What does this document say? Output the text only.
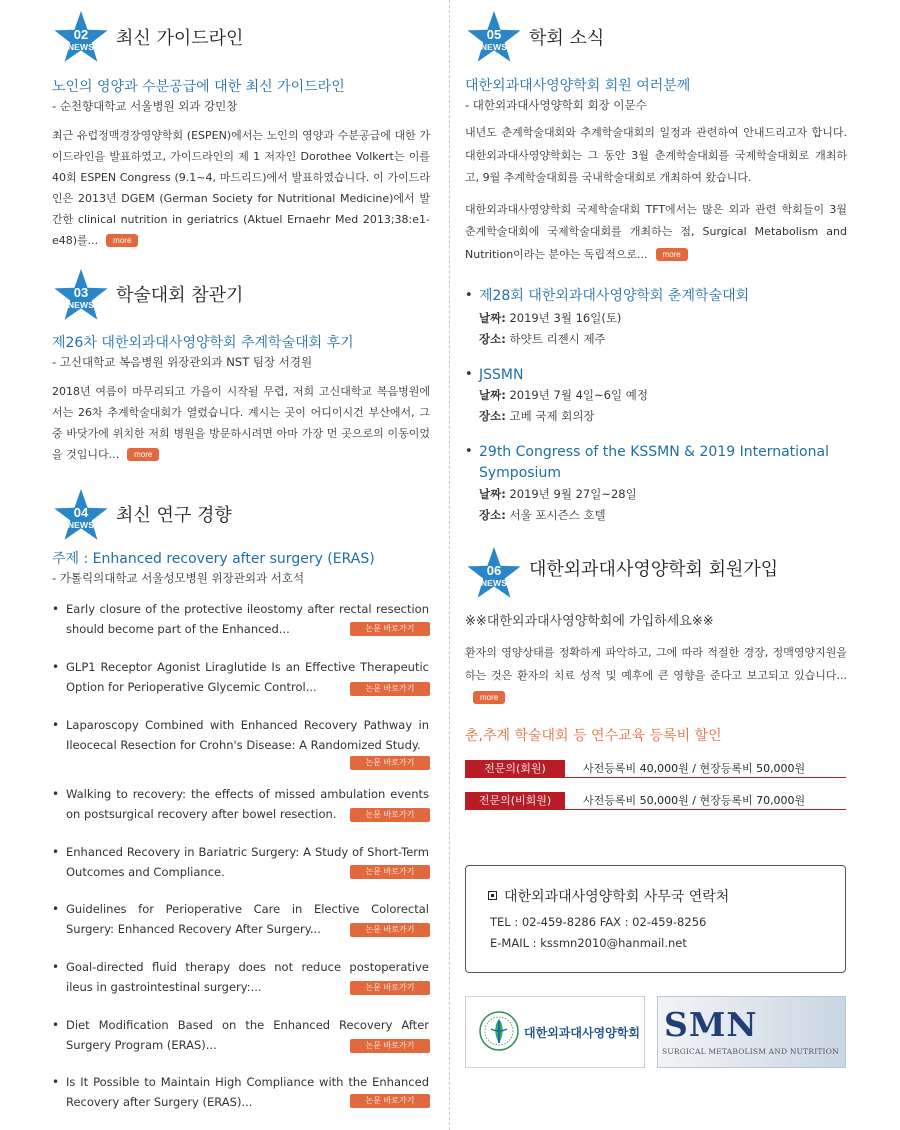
02
NEWS	최신 가이드라인
노인의 영양과 수분공급에 대한 최신 가이드라인
- 순천향대학교 서울병원 외과 강민창
최근 유럽정맥경장영양학회 (ESPEN)에서는 노인의 영양과 수분공급에 대한 가이드라인을 발표하였고, 가이드라인의 제 1 저자인 Dorothee Volkert는 이를 40회 ESPEN Congress (9.1~4, 마드리드)에서 발표하였습니다. 이 가이드라인은 2013년 DGEM (German Society for Nutritional Medicine)에서 발간한 clinical nutrition in geriatrics (Aktuel Ernaehr Med 2013;38:e1-e48)를... more
03
NEWS	학술대회 참관기
제26차 대한외과대사영양학회 추계학술대회 후기
- 고신대학교 복음병원 위장관외과 NST 팀장 서경원
2018년 여름이 마무리되고 가을이 시작될 무렵, 저희 고신대학교 복음병원에서는 26차 추계학술대회가 열렸습니다. 계시는 곳이 어디이시건 부산에서, 그 중 바닷가에 위치한 저희 병원을 방문하시려면 아마 가장 먼 곳으로의 이동이었을 것입니다... more
04
NEWS	최신 연구 경향
주제 : Enhanced recovery after surgery (ERAS)
- 가톨릭의대학교 서울성모병원 위장관외과 서호석
• Early closure of the protective ileostomy after rectal resection should become part of the Enhanced...	논문 바로가기
• GLP1 Receptor Agonist Liraglutide Is an Effective Therapeutic Option for Perioperative Glycemic Control...	논문 바로가기
• Laparoscopy Combined with Enhanced Recovery Pathway in Ileocecal Resection for Crohn's Disease: A Randomized Study.
논문 바로가기
• Walking to recovery: the effects of missed ambulation events on postsurgical recovery after bowel resection.	논문 바로가기
• Enhanced Recovery in Bariatric Surgery: A Study of Short-Term Outcomes and Compliance.	논문 바로가기
• Guidelines for Perioperative Care in Elective Colorectal Surgery: Enhanced Recovery After Surgery...	논문 바로가기
• Goal-directed fluid therapy does not reduce postoperative ileus in gastrointestinal surgery:...	논문 바로가기
• Diet Modification Based on the Enhanced Recovery After Surgery Program (ERAS)...	논문 바로가기
• Is It Possible to Maintain High Compliance with the Enhanced Recovery after Surgery (ERAS)...	논문 바로가기
05
NEWS	학회 소식
대한외과대사영양학회 회원 여러분께
- 대한외과대사영양학회 회장 이문수
내년도 춘계학술대회와 추계학술대회의 일정과 관련하여 안내드리고자 합니다. 대한외과대사영양학회는 그 동안 3월 춘계학술대회를 국제학술대회로 개최하고, 9월 추계학술대회를 국내학술대회로 개최하여 왔습니다.
대한외과대사영양학회 국제학술대회 TFT에서는 많은 외과 관련 학회들이 3월 춘계학술대회에 국제학술대회를 개최하는 점, Surgical Metabolism and Nutrition이라는 분야는 독립적으로... more
• 제28회 대한외과대사영양학회 춘계학술대회
날짜: 2019년 3월 16일(토)
장소: 하얏트 리젠시 제주
• JSSMN
날짜: 2019년 7월 4일~6일 예정
장소: 고베 국제 회의장
• 29th Congress of the KSSMN & 2019 International Symposium
날짜: 2019년 9월 27일~28일
장소: 서울 포시즌스 호텔
06
NEWS
대한외과대사영양학회 회원가입
※※대한외과대사영양학회에 가입하세요※※
환자의 영양상태를 정확하게 파악하고, 그에 따라 적절한 경장, 정맥영양지원을 하는 것은 환자의 치료 성적 및 예후에 큰 영향을 준다고 보고되고 있습니다...more
춘,추계 학술대회 등 연수교육 등록비 할인
전문의(회원)	사전등록비 40,000원 / 현장등록비 50,000원
전문의(비회원)	사전등록비 50,000원 / 현장등록비 70,000원
대한외과대사영양학회 사무국 연락처
TEL : 02-459-8286 FAX : 02-459-8256
E-MAIL : kssmn2010@hanmail.net
대한외과대사영양학회 SMN
SURGICAL METABOLISM AND NUTRITION
